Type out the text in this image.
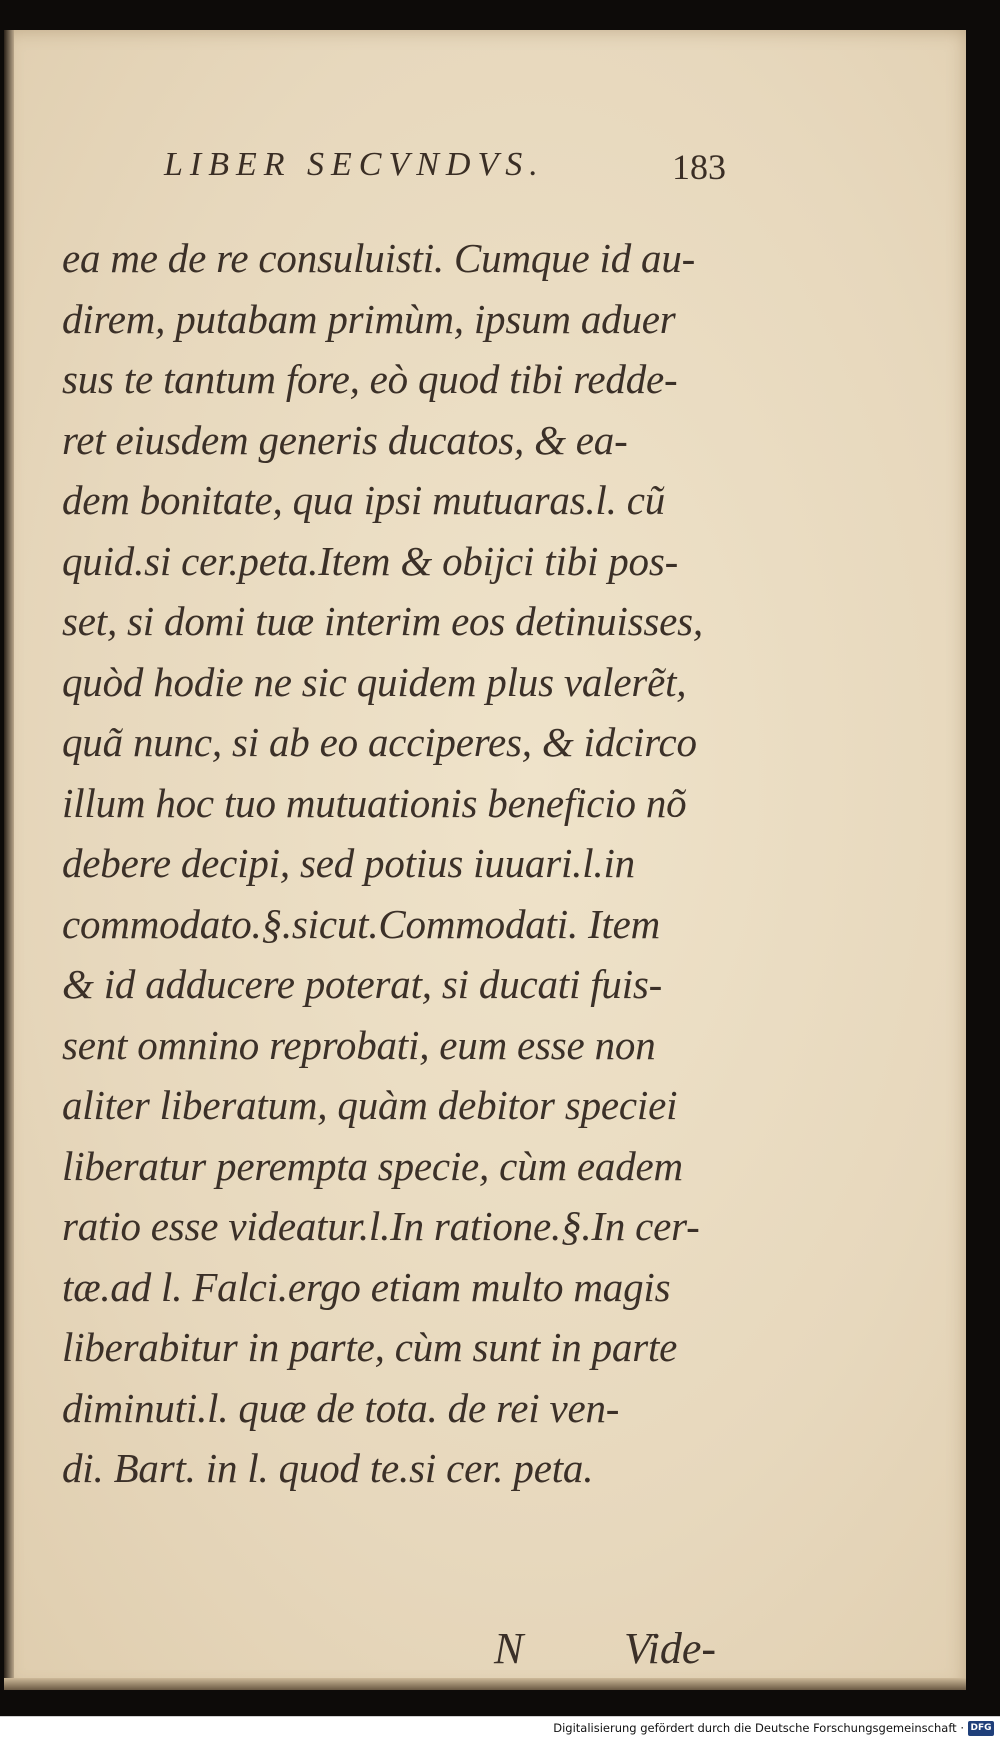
LIBER SECVNDVS.	183
ea me de re consuluisti. Cumque id au-
direm, putabam primùm, ipsum aduer
sus te tantum fore, eò quod tibi redde-
ret eiusdem generis ducatos, & ea-
dem bonitate, qua ipsi mutuaras.l. cũ
quid.si cer.peta.Item & obijci tibi pos-
set, si domi tuæ interim eos detinuisses,
quòd hodie ne sic quidem plus valerẽt,
quã nunc, si ab eo acciperes, & idcirco
illum hoc tuo mutuationis beneficio nõ
debere decipi, sed potius iuuari.l.in
commodato.§.sicut.Commodati. Item
& id adducere poterat, si ducati fuis-
sent omnino reprobati, eum esse non
aliter liberatum, quàm debitor speciei
liberatur perempta specie, cùm eadem
ratio esse videatur.l.In ratione.§.In cer-
tæ.ad l. Falci.ergo etiam multo magis
liberabitur in parte, cùm sunt in parte
diminuti.l. quæ de tota. de rei ven-
di. Bart. in l. quod te.si cer. peta.
N Vide-
Digitalisierung gefördert durch die Deutsche Forschungsgemeinschaft · DFG
